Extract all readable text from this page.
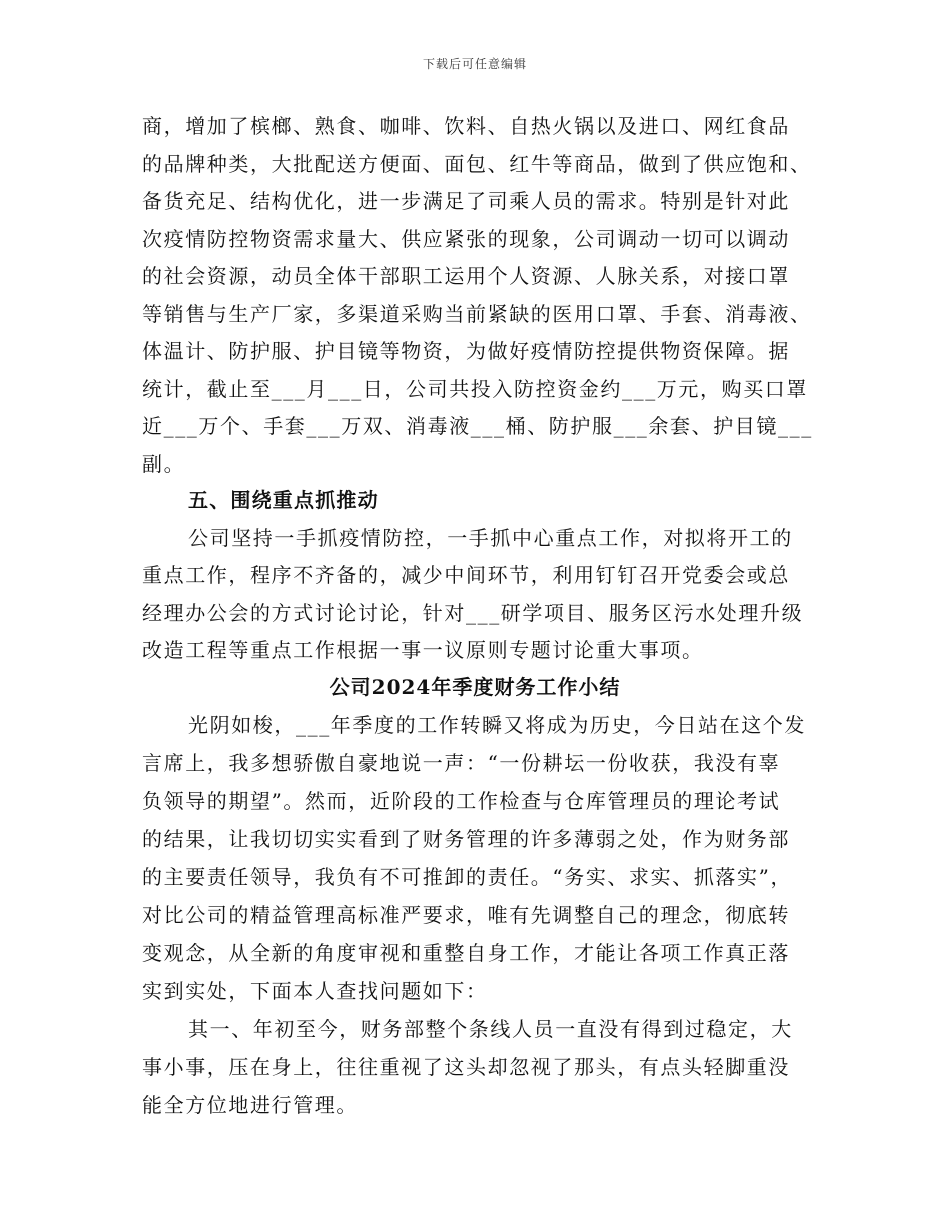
下载后可任意编辑
商，增加了槟榔、熟食、咖啡、饮料、自热火锅以及进口、网红食品
的品牌种类，大批配送方便面、面包、红牛等商品，做到了供应饱和、
备货充足、结构优化，进一步满足了司乘人员的需求。特别是针对此
次疫情防控物资需求量大、供应紧张的现象，公司调动一切可以调动
的社会资源，动员全体干部职工运用个人资源、人脉关系，对接口罩
等销售与生产厂家，多渠道采购当前紧缺的医用口罩、手套、消毒液、
体温计、防护服、护目镜等物资，为做好疫情防控提供物资保障。据
统计，截止至___月___日，公司共投入防控资金约___万元，购买口罩
近___万个、手套___万双、消毒液___桶、防护服___余套、护目镜___
副。
五、围绕重点抓推动
公司坚持一手抓疫情防控，一手抓中心重点工作，对拟将开工的
重点工作，程序不齐备的，减少中间环节，利用钉钉召开党委会或总
经理办公会的方式讨论讨论，针对___研学项目、服务区污水处理升级
改造工程等重点工作根据一事一议原则专题讨论重大事项。
公司2024年季度财务工作小结
光阴如梭，___年季度的工作转瞬又将成为历史，今日站在这个发
言席上，我多想骄傲自豪地说一声：“一份耕坛一份收获，我没有辜
负领导的期望”。然而，近阶段的工作检查与仓库管理员的理论考试
的结果，让我切切实实看到了财务管理的许多薄弱之处，作为财务部
的主要责任领导，我负有不可推卸的责任。“务实、求实、抓落实”，
对比公司的精益管理高标准严要求，唯有先调整自己的理念，彻底转
变观念，从全新的角度审视和重整自身工作，才能让各项工作真正落
实到实处，下面本人查找问题如下：
其一、年初至今，财务部整个条线人员一直没有得到过稳定，大
事小事，压在身上，往往重视了这头却忽视了那头，有点头轻脚重没
能全方位地进行管理。
